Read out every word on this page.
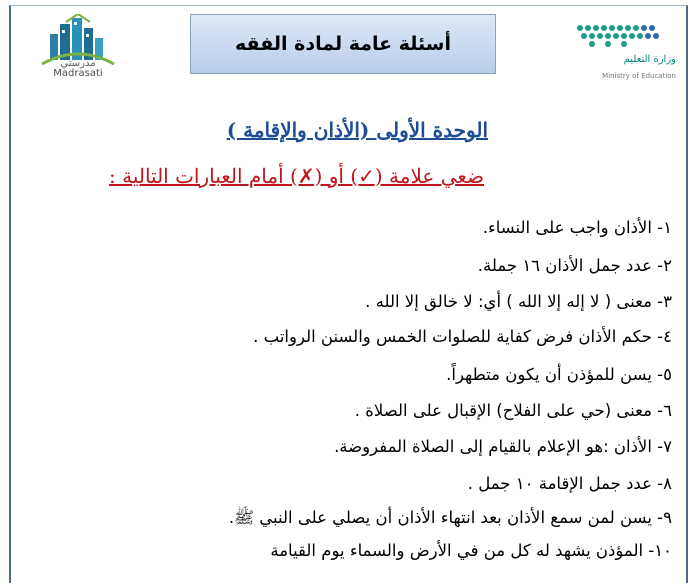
مدرستي
Madrasati
أسئلة عامة لمادة الفقه
وزارة التعليم
Ministry of Education
الوحدة الأولى (الأذان والإقامة )
ضعي علامة (✓) أو (✗) أمام العبارات التالية :
١- الأذان واجب على النساء.
٢- عدد جمل الأذان ١٦ جملة.
٣- معنى ( لا إله إلا الله ) أي: لا خالق إلا الله .
٤- حكم الأذان فرض كفاية للصلوات الخمس والسنن الرواتب .
٥- يسن للمؤذن أن يكون متطهراً.
٦- معنى (حي على الفلاح) الإقبال على الصلاة .
٧- الأذان :هو الإعلام بالقيام إلى الصلاة المفروضة.
٨- عدد جمل الإقامة ١٠ جمل .
٩- يسن لمن سمع الأذان بعد انتهاء الأذان أن يصلي على النبي ﷺ.
١٠- المؤذن يشهد له كل من في الأرض والسماء يوم القيامة
